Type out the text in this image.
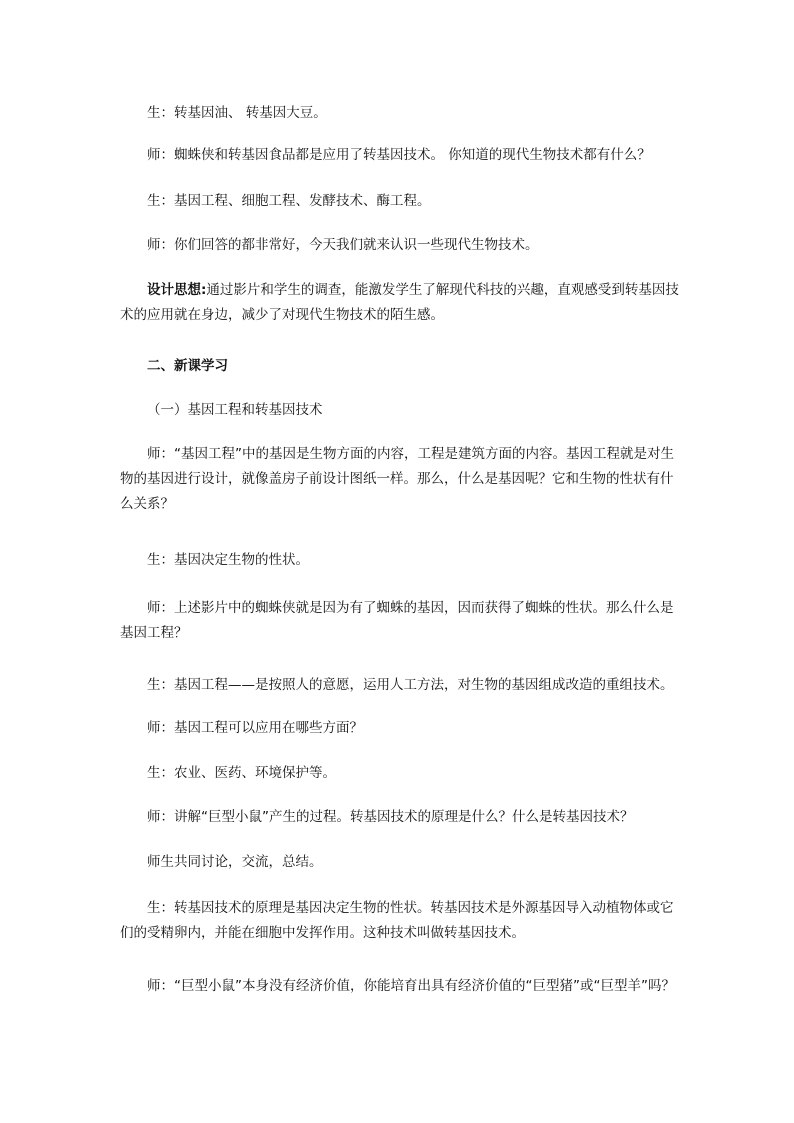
生：转基因油、 转基因大豆。

师：蜘蛛侠和转基因食品都是应用了转基因技术。 你知道的现代生物技术都有什么？

生：基因工程、细胞工程、发酵技术、酶工程。

师：你们回答的都非常好，今天我们就来认识一些现代生物技术。

设计思想:通过影片和学生的调查，能激发学生了解现代科技的兴趣，直观感受到转基因技术的应用就在身边，减少了对现代生物技术的陌生感。

二、新课学习

（一）基因工程和转基因技术

师：“基因工程”中的基因是生物方面的内容，工程是建筑方面的内容。基因工程就是对生物的基因进行设计，就像盖房子前设计图纸一样。那么，什么是基因呢？它和生物的性状有什么关系？

生：基因决定生物的性状。

师：上述影片中的蜘蛛侠就是因为有了蜘蛛的基因，因而获得了蜘蛛的性状。那么什么是基因工程？

生：基因工程——是按照人的意愿，运用人工方法，对生物的基因组成改造的重组技术。

师：基因工程可以应用在哪些方面？

生：农业、医药、环境保护等。

师：讲解“巨型小鼠”产生的过程。转基因技术的原理是什么？什么是转基因技术？

师生共同讨论，交流，总结。

生：转基因技术的原理是基因决定生物的性状。转基因技术是外源基因导入动植物体或它们的受精卵内，并能在细胞中发挥作用。这种技术叫做转基因技术。

师：“巨型小鼠”本身没有经济价值，你能培育出具有经济价值的“巨型猪”或“巨型羊”吗？
